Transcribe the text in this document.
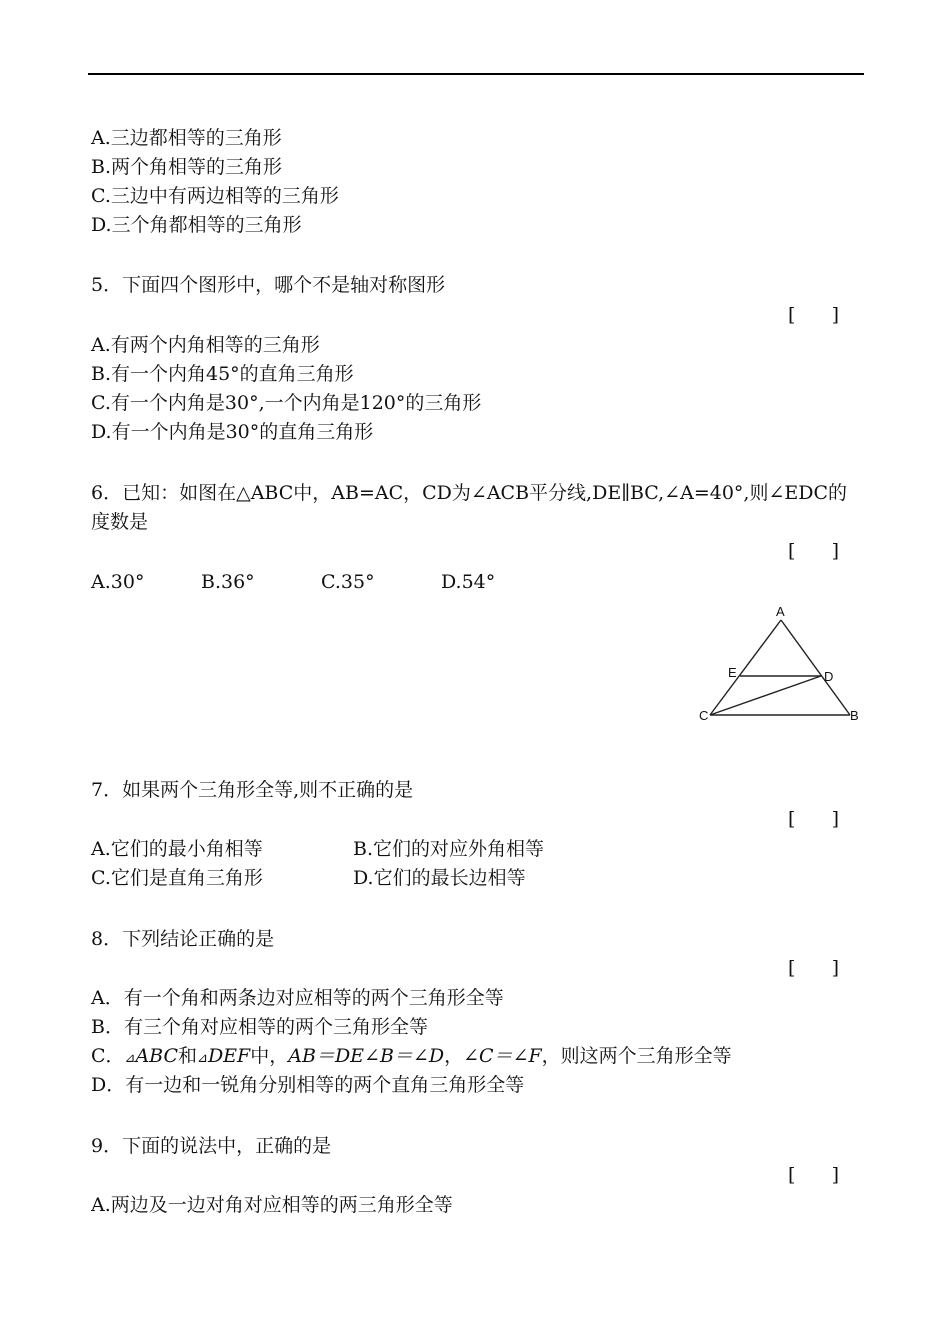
A.三边都相等的三角形
B.两个角相等的三角形
C.三边中有两边相等的三角形
D.三个角都相等的三角形
5．下面四个图形中，哪个不是轴对称图形
[      ]
A.有两个内角相等的三角形
B.有一个内角45°的直角三角形
C.有一个内角是30°,一个内角是120°的三角形
D.有一个内角是30°的直角三角形
6．已知：如图在△ABC中，AB=AC，CD为∠ACB平分线,DE∥BC,∠A=40°,则∠EDC的
度数是
[      ]
A.30°	B.36°	C.35°	D.54°
A
E	D
C	B
7．如果两个三角形全等,则不正确的是
[      ]
A.它们的最小角相等	B.它们的对应外角相等
C.它们是直角三角形	D.它们的最长边相等
8．下列结论正确的是
[      ]
A．有一个角和两条边对应相等的两个三角形全等
B．有三个角对应相等的两个三角形全等
C．⊿ABC和⊿DEF中，AB＝DE∠B＝∠D，∠C＝∠F，则这两个三角形全等
D．有一边和一锐角分别相等的两个直角三角形全等
9．下面的说法中，正确的是
[      ]
A.两边及一边对角对应相等的两三角形全等
